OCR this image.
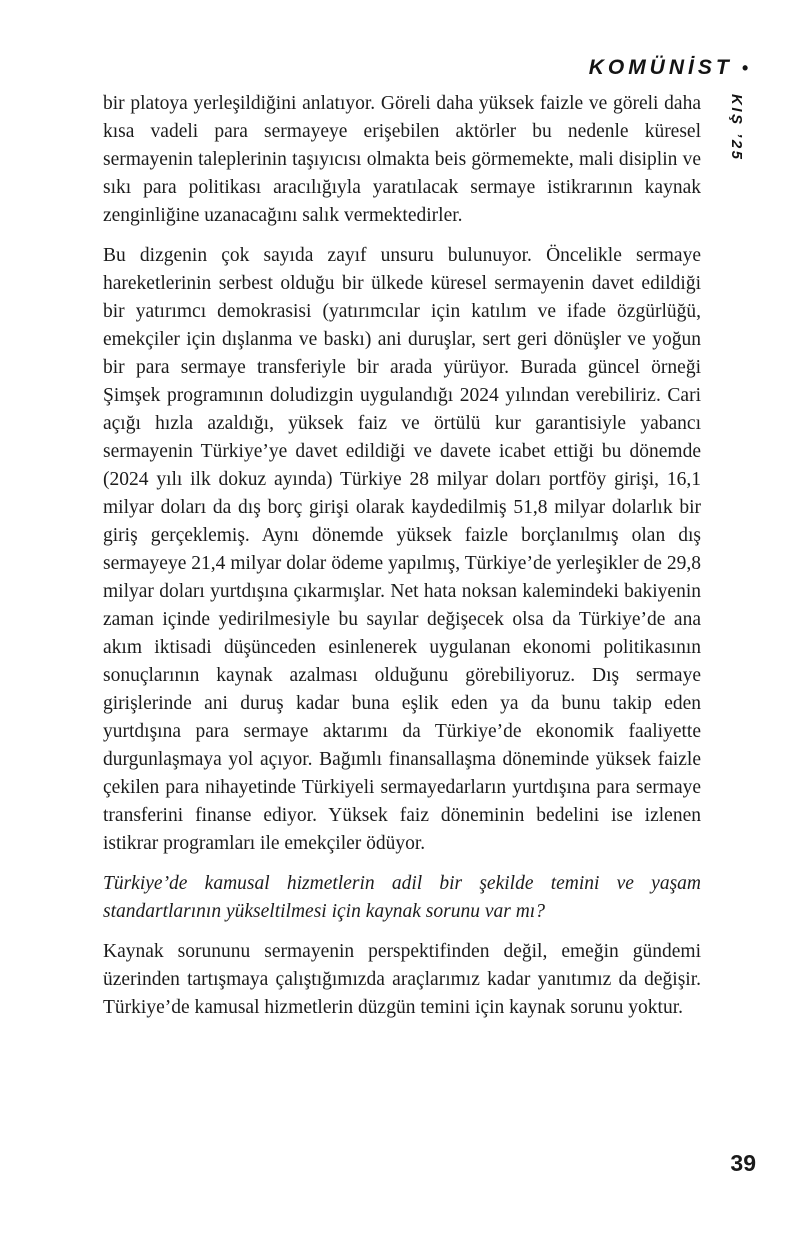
KOMÜNİST •
KIŞ ’25

bir platoya yerleşildiğini anlatıyor. Göreli daha yüksek faizle ve göreli daha kısa vadeli para sermayeye erişebilen aktörler bu nedenle küresel sermayenin taleplerinin taşıyıcısı olmakta beis görmemekte, mali disiplin ve sıkı para politikası aracılığıyla yaratılacak sermaye istikrarının kaynak zenginliğine uzanacağını salık vermektedirler.

Bu dizgenin çok sayıda zayıf unsuru bulunuyor. Öncelikle sermaye hareketlerinin serbest olduğu bir ülkede küresel sermayenin davet edildiği bir yatırımcı demokrasisi (yatırımcılar için katılım ve ifade özgürlüğü, emekçiler için dışlanma ve baskı) ani duruşlar, sert geri dönüşler ve yoğun bir para sermaye transferiyle bir arada yürüyor. Burada güncel örneği Şimşek programının doludizgin uygulandığı 2024 yılından verebiliriz. Cari açığı hızla azaldığı, yüksek faiz ve örtülü kur garantisiyle yabancı sermayenin Türkiye’ye davet edildiği ve davete icabet ettiği bu dönemde (2024 yılı ilk dokuz ayında) Türkiye 28 milyar doları portföy girişi, 16,1 milyar doları da dış borç girişi olarak kaydedilmiş 51,8 milyar dolarlık bir giriş gerçeklemiş. Aynı dönemde yüksek faizle borçlanılmış olan dış sermayeye 21,4 milyar dolar ödeme yapılmış, Türkiye’de yerleşikler de 29,8 milyar doları yurtdışına çıkarmışlar. Net hata noksan kalemindeki bakiyenin zaman içinde yedirilmesiyle bu sayılar değişecek olsa da Türkiye’de ana akım iktisadi düşünceden esinlenerek uygulanan ekonomi politikasının sonuçlarının kaynak azalması olduğunu görebiliyoruz. Dış sermaye girişlerinde ani duruş kadar buna eşlik eden ya da bunu takip eden yurtdışına para sermaye aktarımı da Türkiye’de ekonomik faaliyette durgunlaşmaya yol açıyor. Bağımlı finansallaşma döneminde yüksek faizle çekilen para nihayetinde Türkiyeli sermayedarların yurtdışına para sermaye transferini finanse ediyor. Yüksek faiz döneminin bedelini ise izlenen istikrar programları ile emekçiler ödüyor.

Türkiye’de kamusal hizmetlerin adil bir şekilde temini ve yaşam standartlarının yükseltilmesi için kaynak sorunu var mı?

Kaynak sorununu sermayenin perspektifinden değil, emeğin gündemi üzerinden tartışmaya çalıştığımızda araçlarımız kadar yanıtımız da değişir. Türkiye’de kamusal hizmetlerin düzgün temini için kaynak sorunu yoktur.

39
